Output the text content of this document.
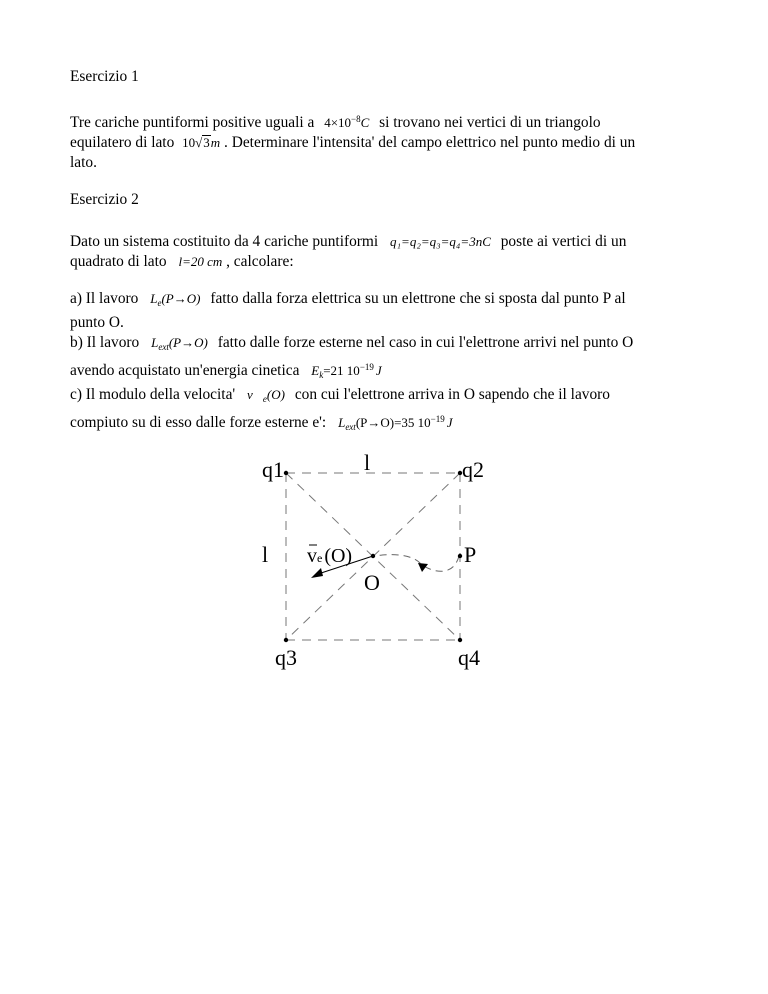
Esercizio 1
Tre cariche puntiformi positive uguali a $4\times 10^{-8}C$ si trovano nei vertici di un triangolo
equilatero di lato 10√3m . Determinare l'intensita' del campo elettrico nel punto medio di un
lato.
Esercizio 2
Dato un sistema costituito da 4 cariche puntiformi q₁=q₂=q₃=q₄=3nC poste ai vertici di un
quadrato di lato l=20 cm , calcolare:
a) Il lavoro $L_e(P\to O)$ fatto dalla forza elettrica su un elettrone che si sposta dal punto P al
punto O.
b) Il lavoro $L_{ext}(P\to O)$ fatto dalle forze esterne nel caso in cui l'elettrone arrivi nel punto O
avendo acquistato un'energia cinetica $E_k=21$ $10^{-19}$ J
c) Il modulo della velocita' $v⃗_e(O)$ con cui l'elettrone arriva in O sapendo che il lavoro
compiuto su di esso dalle forze esterne e': $L_{ext}(P\to O)=35$ $10^{-19}$ J
q1	q2
q3	q4
l
l	P
O
ve (O)
